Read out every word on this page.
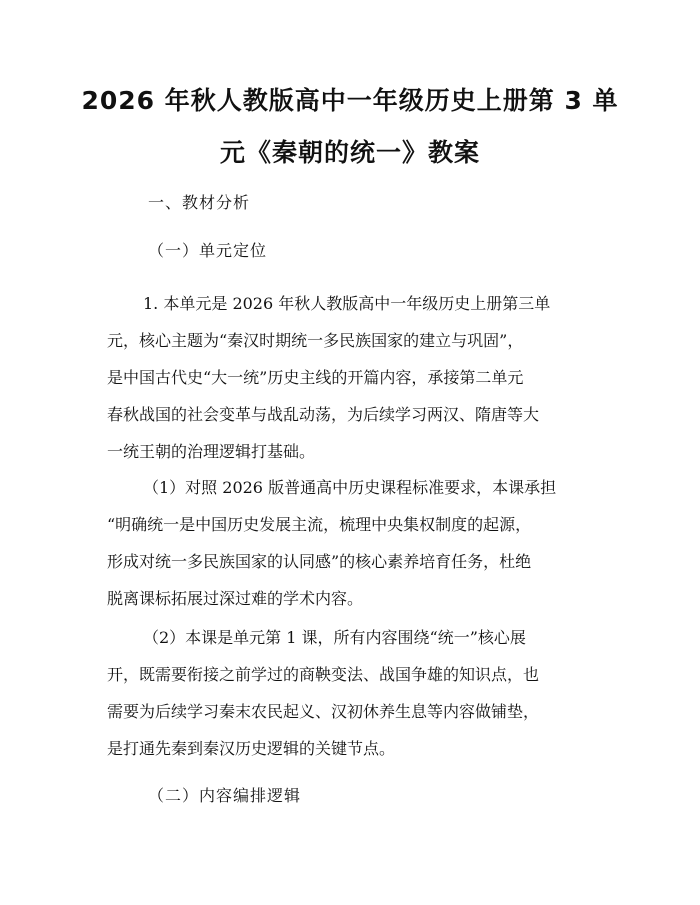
2026 年秋人教版高中一年级历史上册第 3 单
元《秦朝的统一》教案

一、教材分析

（一）单元定位

1. 本单元是 2026 年秋人教版高中一年级历史上册第三单
元，核心主题为“秦汉时期统一多民族国家的建立与巩固”，
是中国古代史“大一统”历史主线的开篇内容，承接第二单元
春秋战国的社会变革与战乱动荡，为后续学习两汉、隋唐等大
一统王朝的治理逻辑打基础。
（1）对照 2026 版普通高中历史课程标准要求，本课承担
“明确统一是中国历史发展主流，梳理中央集权制度的起源，
形成对统一多民族国家的认同感”的核心素养培育任务，杜绝
脱离课标拓展过深过难的学术内容。
（2）本课是单元第 1 课，所有内容围绕“统一”核心展
开，既需要衔接之前学过的商鞅变法、战国争雄的知识点，也
需要为后续学习秦末农民起义、汉初休养生息等内容做铺垫，
是打通先秦到秦汉历史逻辑的关键节点。

（二）内容编排逻辑
